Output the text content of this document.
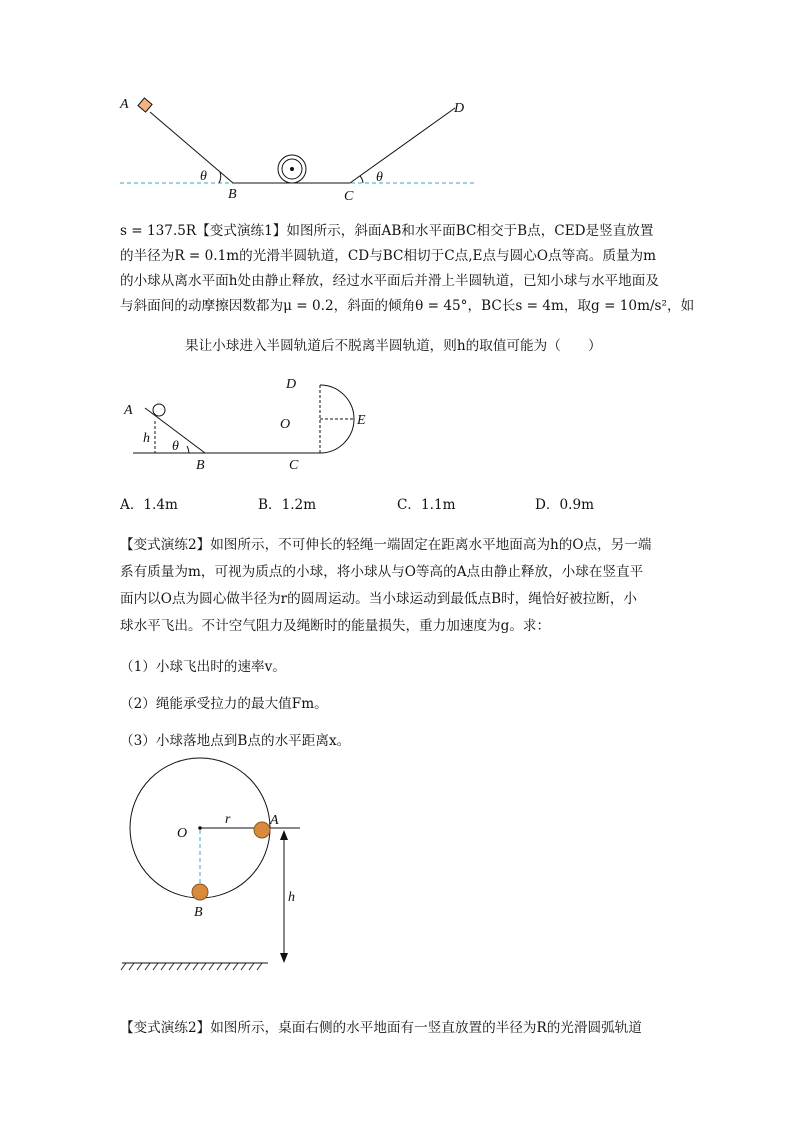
A
θ
B	C
θ
D
A
h
θ
B	C
D
O	E
O
r	A
B
h
s = 137.5R【变式演练1】如图所示，斜面AB和水平面BC相交于B点，CED是竖直放置
的半径为R = 0.1m的光滑半圆轨道，CD与BC相切于C点,E点与圆心O点等高。质量为m
的小球从离水平面h处由静止释放，经过水平面后并滑上半圆轨道，已知小球与水平地面及
与斜面间的动摩擦因数都为μ = 0.2，斜面的倾角θ = 45°，BC长s = 4m，取g = 10m/s²，如
果让小球进入半圆轨道后不脱离半圆轨道，则h的取值可能为（　　）
A．1.4m	B．1.2m	C．1.1m	D．0.9m
【变式演练2】如图所示，不可伸长的轻绳一端固定在距离水平地面高为h的O点，另一端
系有质量为m，可视为质点的小球，将小球从与O等高的A点由静止释放，小球在竖直平
面内以O点为圆心做半径为r的圆周运动。当小球运动到最低点B时，绳恰好被拉断，小
球水平飞出。不计空气阻力及绳断时的能量损失，重力加速度为g。求：
（1）小球飞出时的速率v。
（2）绳能承受拉力的最大值Fm。
（3）小球落地点到B点的水平距离x。
【变式演练2】如图所示，桌面右侧的水平地面有一竖直放置的半径为R的光滑圆弧轨道
